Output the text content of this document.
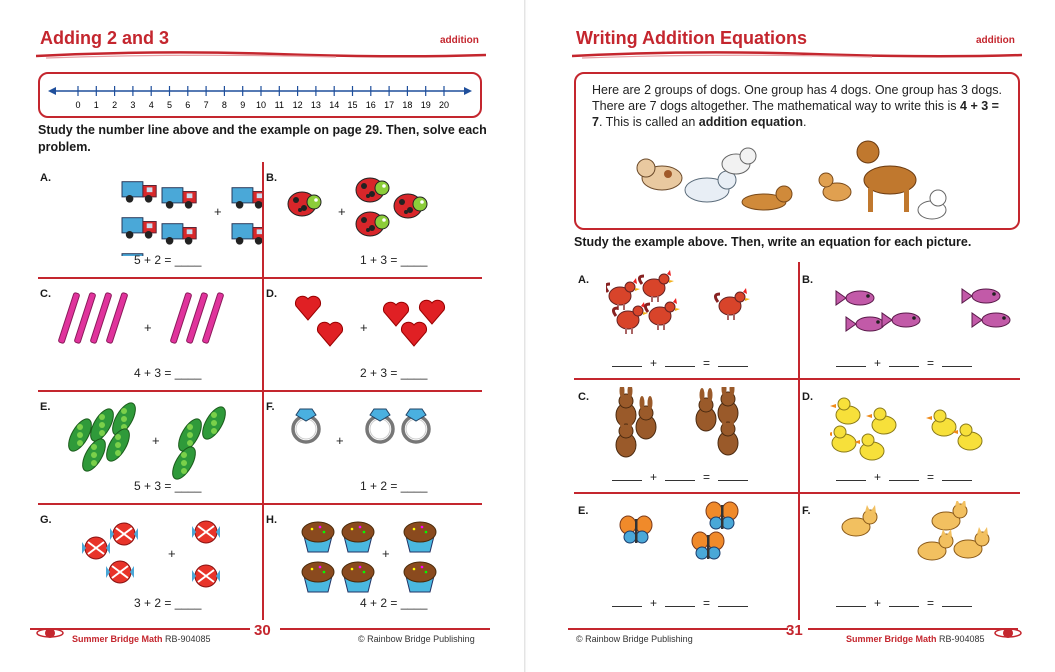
Adding 2 and 3	addition
0 1 2 3 4 5 6 7 8 9 10 11 12 13 14 15 16 17 18 19 20
Study the number line above and the example on page 29. Then, solve each problem.
A.
+
5 + 2 = ____
B.
+
1 + 3 = ____
C.
+
4 + 3 = ____
D.
+
2 + 3 = ____
E.
+
5 + 3 = ____
F.
+
1 + 2 = ____
G.
+
3 + 2 = ____
H.
+
4 + 2 = ____
Summer Bridge Math RB-904085	30	© Rainbow Bridge Publishing
Writing Addition Equations	addition
Here are 2 groups of dogs. One group has 4 dogs. One group has 3 dogs. There are 7 dogs altogether. The mathematical way to write this is 4 + 3 = 7. This is called an addition equation.
Study the example above. Then, write an equation for each picture.
A.
+	=
B.
+	=
C.
+	=
D.
+	=
E.
+	=
F.
+	=
© Rainbow Bridge Publishing	31	Summer Bridge Math RB-904085
